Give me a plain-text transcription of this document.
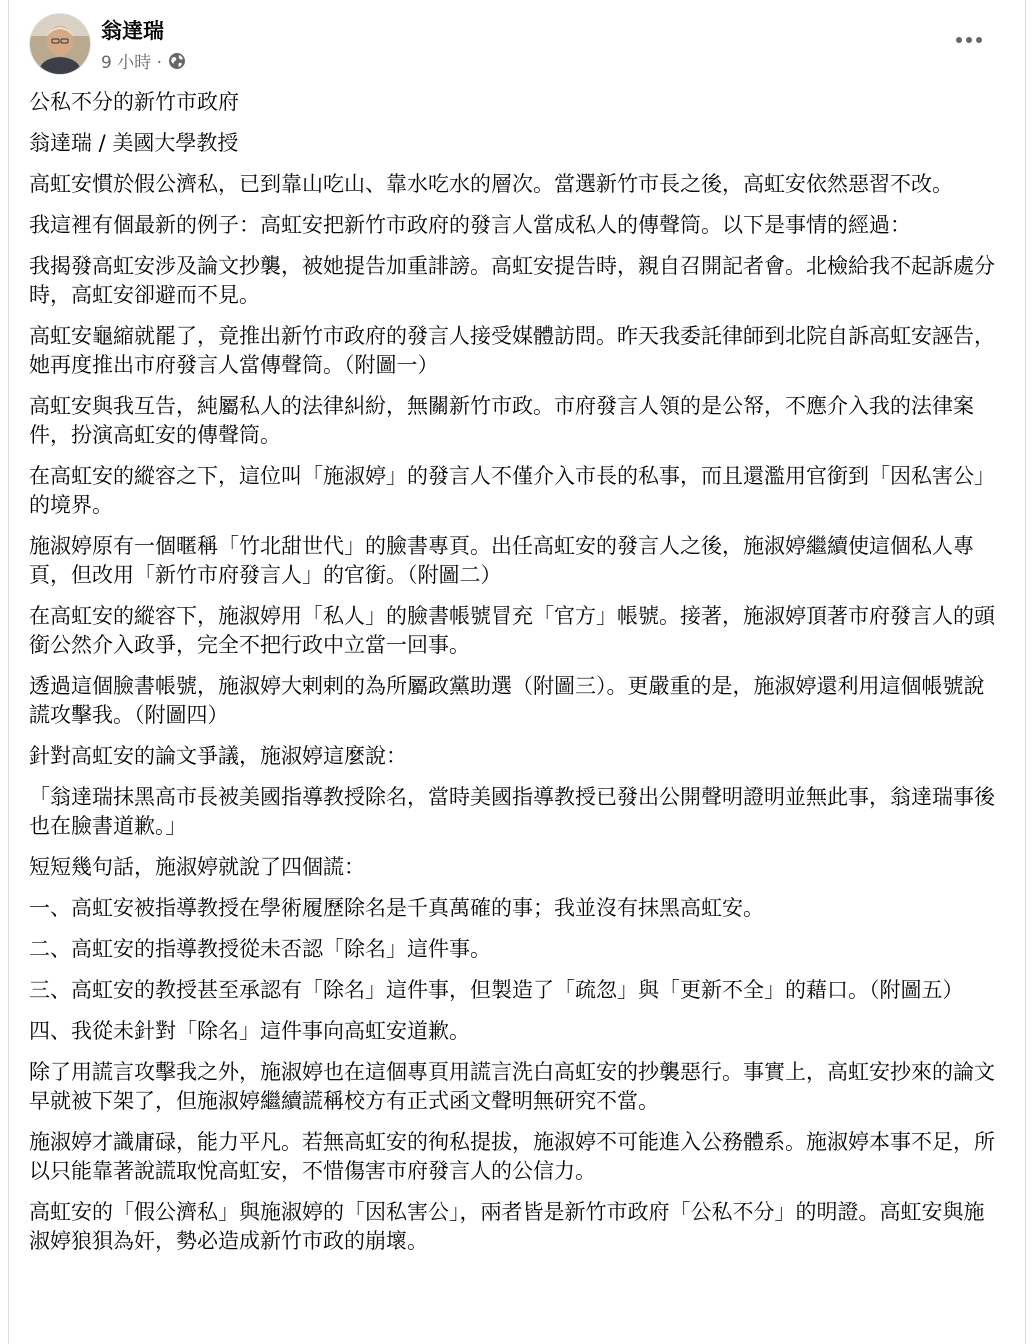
翁達瑞
9 小時 ·

公私不分的新竹市政府

翁達瑞 / 美國大學教授

高虹安慣於假公濟私，已到靠山吃山、靠水吃水的層次。當選新竹市長之後，高虹安依然惡習不改。

我這裡有個最新的例子：高虹安把新竹市政府的發言人當成私人的傳聲筒。以下是事情的經過：

我揭發高虹安涉及論文抄襲，被她提告加重誹謗。高虹安提告時，親自召開記者會。北檢給我不起訴處分時，高虹安卻避而不見。

高虹安龜縮就罷了，竟推出新竹市政府的發言人接受媒體訪問。昨天我委託律師到北院自訴高虹安誣告，她再度推出市府發言人當傳聲筒。（附圖一）

高虹安與我互告，純屬私人的法律糾紛，無關新竹市政。市府發言人領的是公帑，不應介入我的法律案件，扮演高虹安的傳聲筒。

在高虹安的縱容之下，這位叫「施淑婷」的發言人不僅介入市長的私事，而且還濫用官銜到「因私害公」的境界。

施淑婷原有一個暱稱「竹北甜世代」的臉書專頁。出任高虹安的發言人之後，施淑婷繼續使這個私人專頁，但改用「新竹市府發言人」的官銜。（附圖二）

在高虹安的縱容下，施淑婷用「私人」的臉書帳號冒充「官方」帳號。接著，施淑婷頂著市府發言人的頭銜公然介入政爭，完全不把行政中立當一回事。

透過這個臉書帳號，施淑婷大剌剌的為所屬政黨助選（附圖三）。更嚴重的是，施淑婷還利用這個帳號說謊攻擊我。（附圖四）

針對高虹安的論文爭議，施淑婷這麼說：

「翁達瑞抹黑高市長被美國指導教授除名，當時美國指導教授已發出公開聲明證明並無此事，翁達瑞事後也在臉書道歉。」

短短幾句話，施淑婷就說了四個謊：

一、高虹安被指導教授在學術履歷除名是千真萬確的事；我並沒有抹黑高虹安。

二、高虹安的指導教授從未否認「除名」這件事。

三、高虹安的教授甚至承認有「除名」這件事，但製造了「疏忽」與「更新不全」的藉口。（附圖五）

四、我從未針對「除名」這件事向高虹安道歉。

除了用謊言攻擊我之外，施淑婷也在這個專頁用謊言洗白高虹安的抄襲惡行。事實上，高虹安抄來的論文早就被下架了，但施淑婷繼續謊稱校方有正式函文聲明無研究不當。

施淑婷才識庸碌，能力平凡。若無高虹安的徇私提拔，施淑婷不可能進入公務體系。施淑婷本事不足，所以只能靠著說謊取悅高虹安，不惜傷害市府發言人的公信力。

高虹安的「假公濟私」與施淑婷的「因私害公」，兩者皆是新竹市政府「公私不分」的明證。高虹安與施淑婷狼狽為奸，勢必造成新竹市政的崩壞。
